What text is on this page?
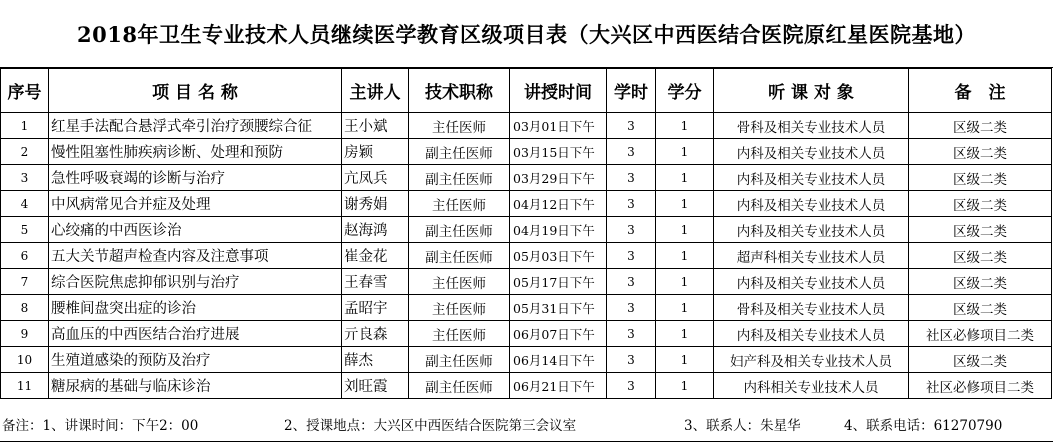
2018年卫生专业技术人员继续医学教育区级项目表（大兴区中西医结合医院原红星医院基地）
序号	项 目 名 称	主讲人	技术职称	讲授时间	学时	学分	听 课 对 象	备　注
1	红星手法配合悬浮式牵引治疗颈腰综合征	王小斌	主任医师	03月01日下午	3	1	骨科及相关专业技术人员	区级二类
2	慢性阻塞性肺疾病诊断、处理和预防	房颖	副主任医师	03月15日下午	3	1	内科及相关专业技术人员	区级二类
3	急性呼吸衰竭的诊断与治疗	亢凤兵	副主任医师	03月29日下午	3	1	内科及相关专业技术人员	区级二类
4	中风病常见合并症及处理	谢秀娟	主任医师	04月12日下午	3	1	内科及相关专业技术人员	区级二类
5	心绞痛的中西医诊治	赵海鸿	副主任医师	04月19日下午	3	1	内科及相关专业技术人员	区级二类
6	五大关节超声检查内容及注意事项	崔金花	副主任医师	05月03日下午	3	1	超声科相关专业技术人员	区级二类
7	综合医院焦虑抑郁识别与治疗	王春雪	主任医师	05月17日下午	3	1	内科及相关专业技术人员	区级二类
8	腰椎间盘突出症的诊治	孟昭宇	主任医师	05月31日下午	3	1	骨科及相关专业技术人员	区级二类
9	高血压的中西医结合治疗进展	亓良森	主任医师	06月07日下午	3	1	内科及相关专业技术人员	社区必修项目二类
10	生殖道感染的预防及治疗	薛杰	副主任医师	06月14日下午	3	1	妇产科及相关专业技术人员	区级二类
11	糖尿病的基础与临床诊治	刘旺霞	副主任医师	06月21日下午	3	1	内科相关专业技术人员	社区必修项目二类
备注：1、讲课时间：下午2：00	2、授课地点：大兴区中西医结合医院第三会议室	3、联系人：朱星华	4、联系电话：61270790
